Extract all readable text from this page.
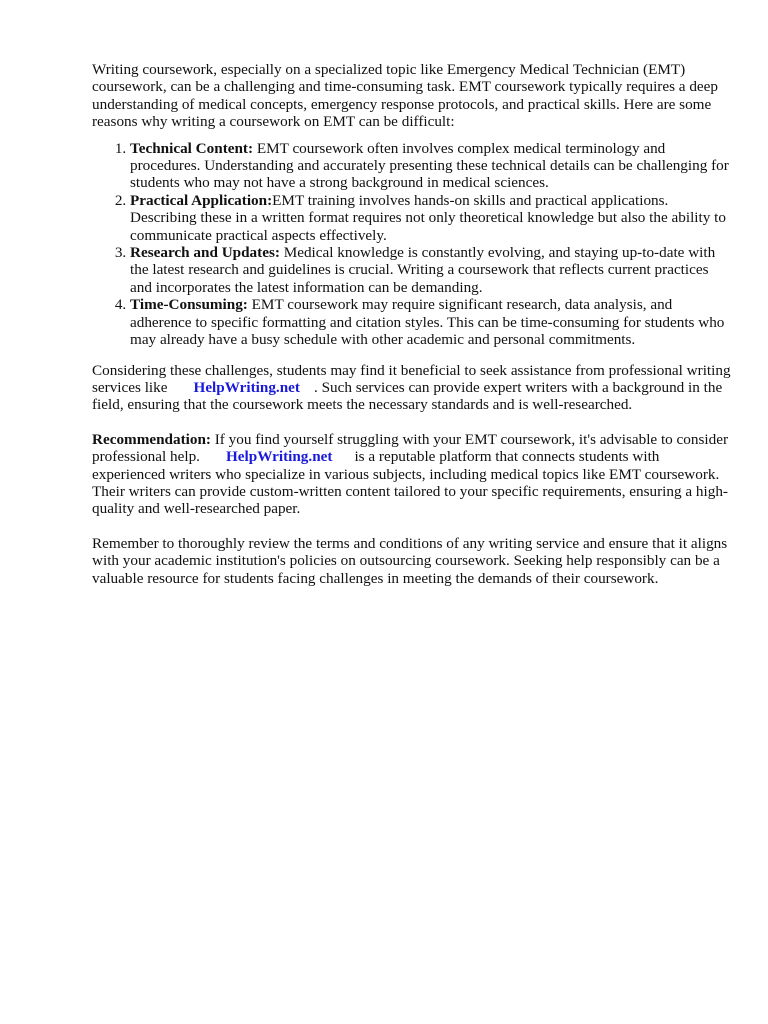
Writing coursework, especially on a specialized topic like Emergency Medical Technician (EMT) coursework, can be a challenging and time-consuming task. EMT coursework typically requires a deep understanding of medical concepts, emergency response protocols, and practical skills. Here are some reasons why writing a coursework on EMT can be difficult:

1. Technical Content: EMT coursework often involves complex medical terminology and procedures. Understanding and accurately presenting these technical details can be challenging for students who may not have a strong background in medical sciences.
2. Practical Application:EMT training involves hands-on skills and practical applications. Describing these in a written format requires not only theoretical knowledge but also the ability to communicate practical aspects effectively.
3. Research and Updates: Medical knowledge is constantly evolving, and staying up-to-date with the latest research and guidelines is crucial. Writing a coursework that reflects current practices and incorporates the latest information can be demanding.
4. Time-Consuming: EMT coursework may require significant research, data analysis, and adherence to specific formatting and citation styles. This can be time-consuming for students who may already have a busy schedule with other academic and personal commitments.

Considering these challenges, students may find it beneficial to seek assistance from professional writing services like HelpWriting.net . Such services can provide expert writers with a background in the field, ensuring that the coursework meets the necessary standards and is well-researched.

Recommendation: If you find yourself struggling with your EMT coursework, it's advisable to consider professional help. HelpWriting.net is a reputable platform that connects students with experienced writers who specialize in various subjects, including medical topics like EMT coursework. Their writers can provide custom-written content tailored to your specific requirements, ensuring a high-quality and well-researched paper.

Remember to thoroughly review the terms and conditions of any writing service and ensure that it aligns with your academic institution's policies on outsourcing coursework. Seeking help responsibly can be a valuable resource for students facing challenges in meeting the demands of their coursework.
